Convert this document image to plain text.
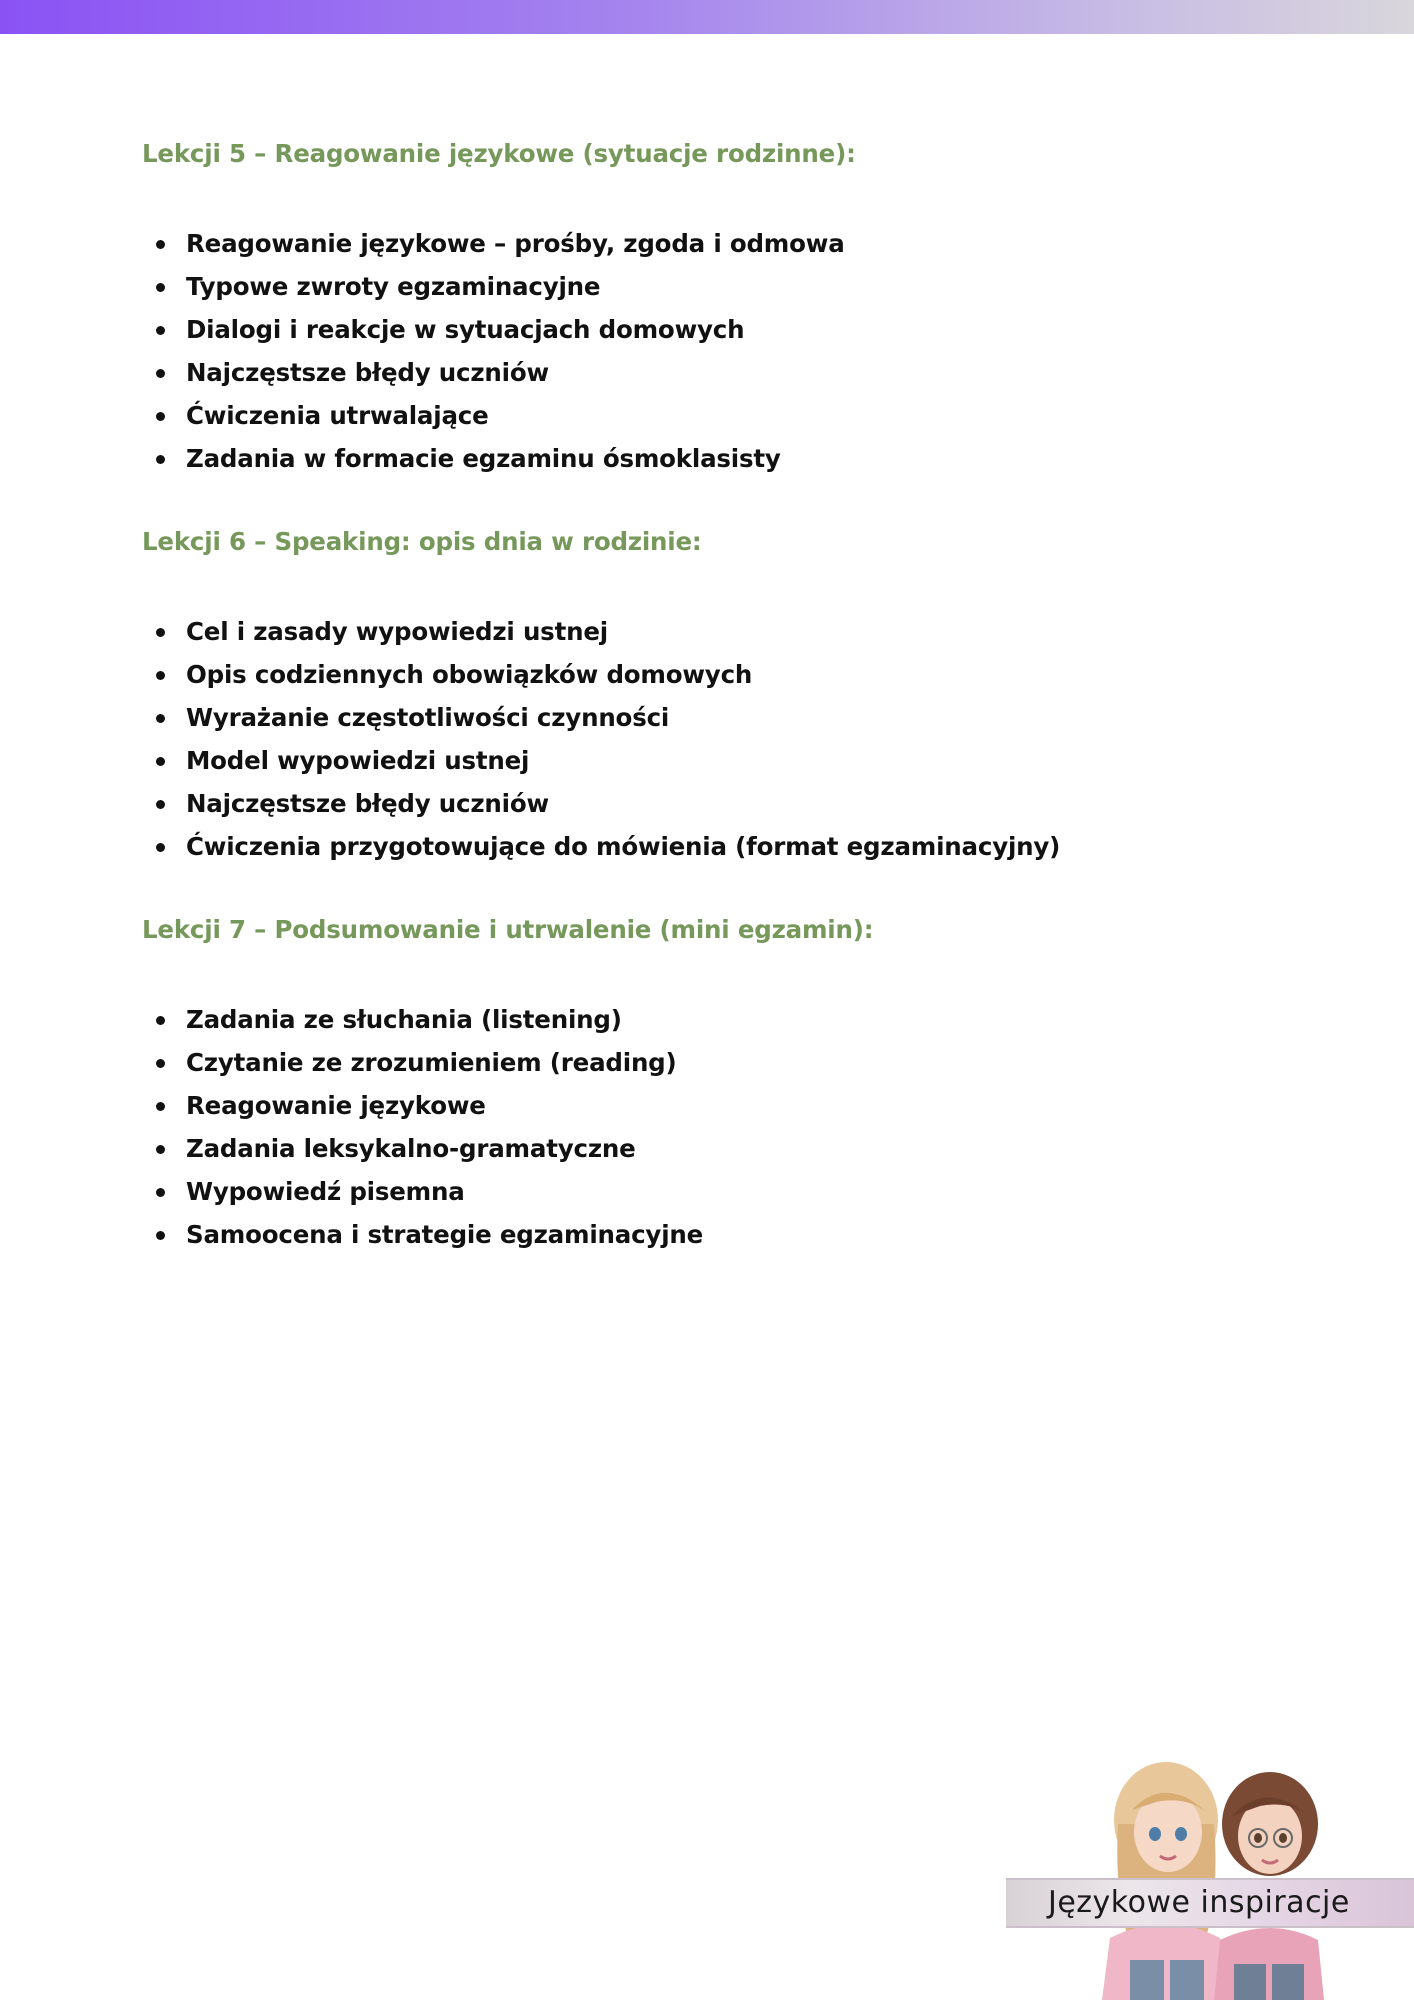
Lekcji 5 – Reagowanie językowe (sytuacje rodzinne):
Reagowanie językowe – prośby, zgoda i odmowa
Typowe zwroty egzaminacyjne
Dialogi i reakcje w sytuacjach domowych
Najczęstsze błędy uczniów
Ćwiczenia utrwalające
Zadania w formacie egzaminu ósmoklasisty
Lekcji 6 – Speaking: opis dnia w rodzinie:
Cel i zasady wypowiedzi ustnej
Opis codziennych obowiązków domowych
Wyrażanie częstotliwości czynności
Model wypowiedzi ustnej
Najczęstsze błędy uczniów
Ćwiczenia przygotowujące do mówienia (format egzaminacyjny)
Lekcji 7 – Podsumowanie i utrwalenie (mini egzamin):
Zadania ze słuchania (listening)
Czytanie ze zrozumieniem (reading)
Reagowanie językowe
Zadania leksykalno-gramatyczne
Wypowiedź pisemna
Samoocena i strategie egzaminacyjne
Językowe inspiracje
